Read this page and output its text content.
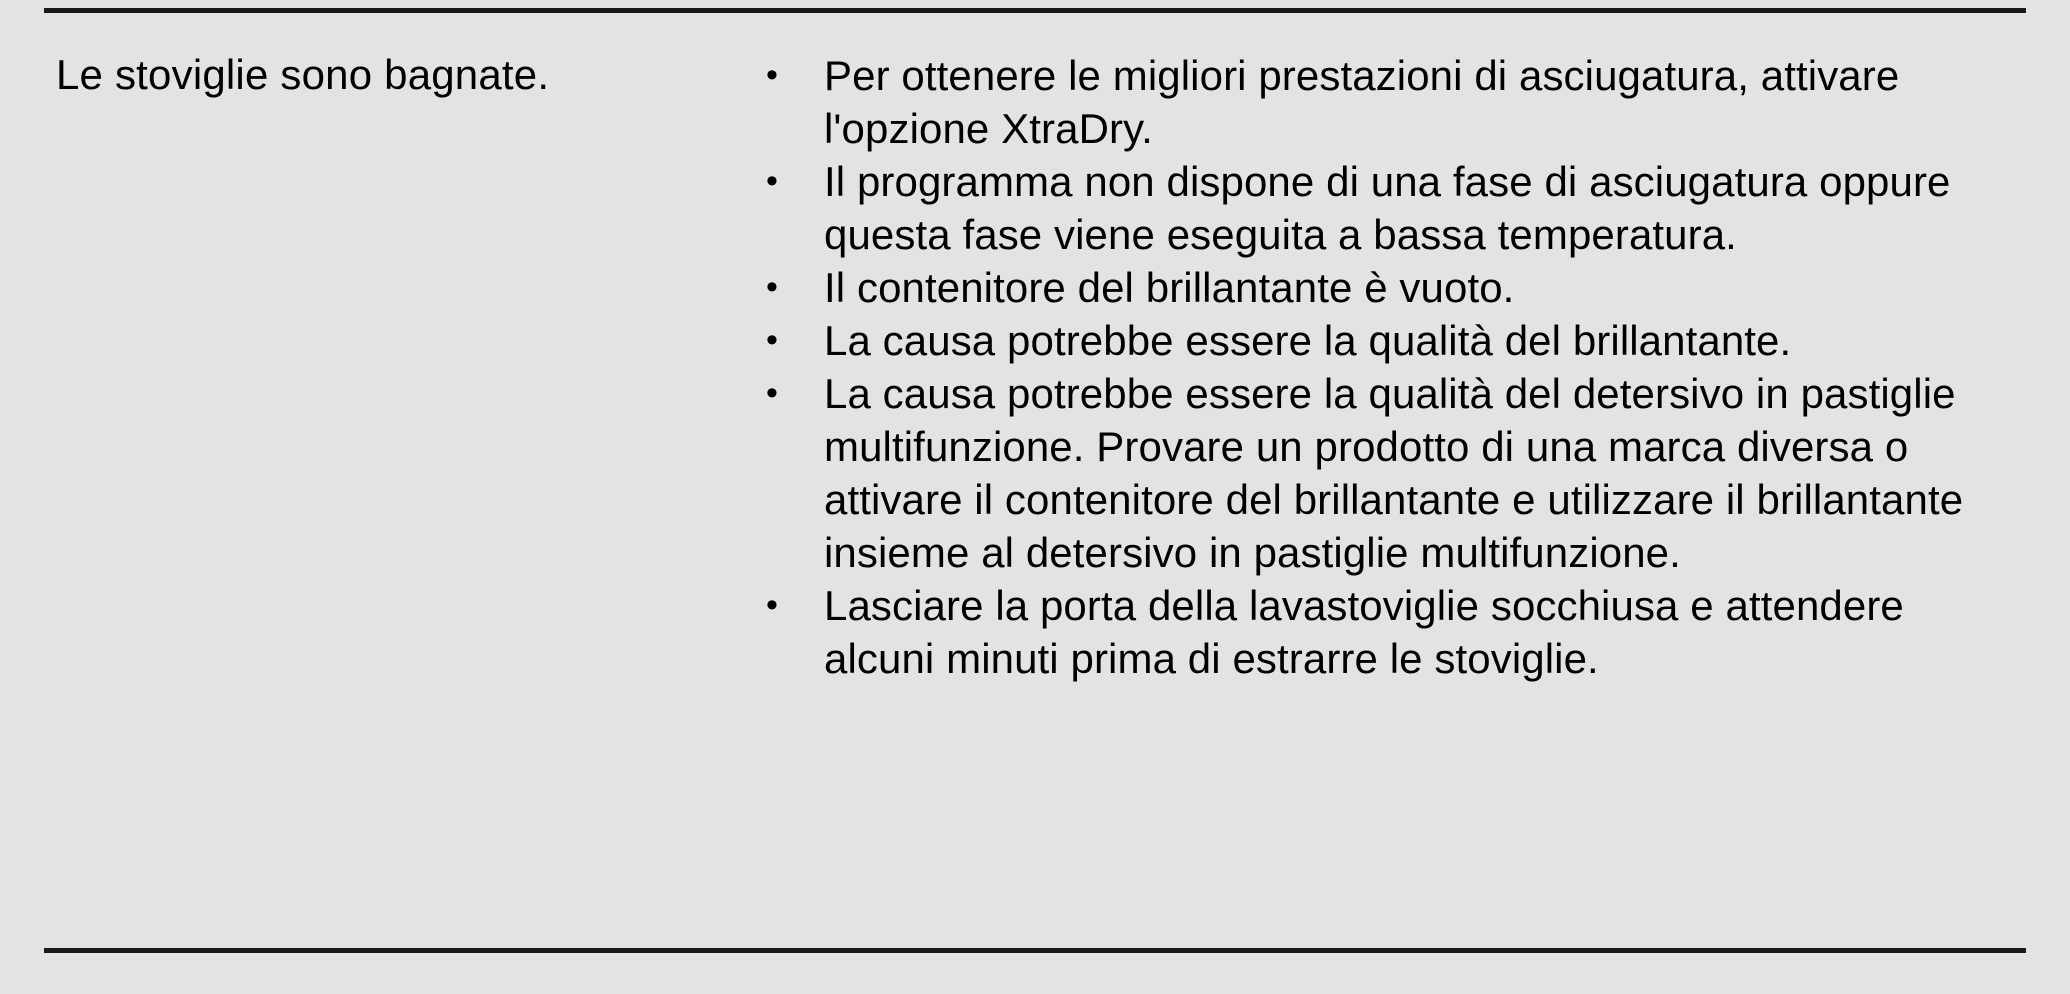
Le stoviglie sono bagnate.	• Per ottenere le migliori prestazioni di asciugatura, attivare l'opzione XtraDry.
• Il programma non dispone di una fase di asciugatura oppure questa fase viene eseguita a bassa temperatura.
• Il contenitore del brillantante è vuoto.
• La causa potrebbe essere la qualità del brillantante.
• La causa potrebbe essere la qualità del detersivo in pastiglie multifunzione. Provare un prodotto di una marca diversa o attivare il contenitore del brillantante e utilizzare il brillantante insieme al detersivo in pastiglie multifunzione.
• Lasciare la porta della lavastoviglie socchiusa e attendere alcuni minuti prima di estrarre le stoviglie.
